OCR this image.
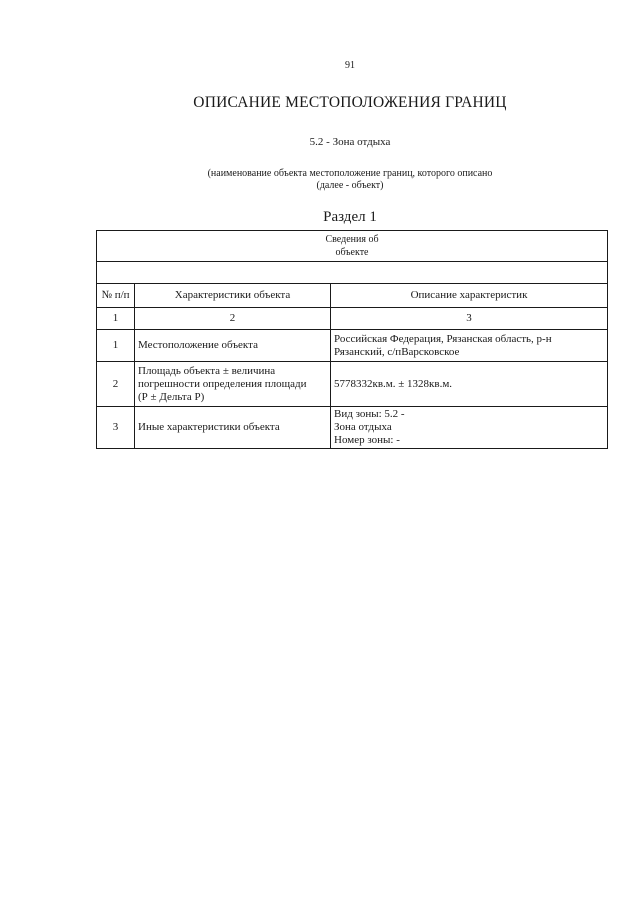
91
ОПИСАНИЕ МЕСТОПОЛОЖЕНИЯ ГРАНИЦ
5.2 - Зона отдыха
(наименование объекта местоположение границ, которого описано
(далее - объект)
Раздел 1
Сведения об
объекте		

№ п/п	Характеристики объекта	Описание характеристик
1	2	3
1	Местоположение объекта	Российская Федерация, Рязанская область, р-н
Рязанский, с/пВарсковское

2	Площадь объекта ± величина
погрешности определения площади
(Р ± Дельта Р)	5778332кв.м. ± 1328кв.м.

3	Иные характеристики объекта	Вид зоны: 5.2 -
Зона отдыха
Номер зоны: -
